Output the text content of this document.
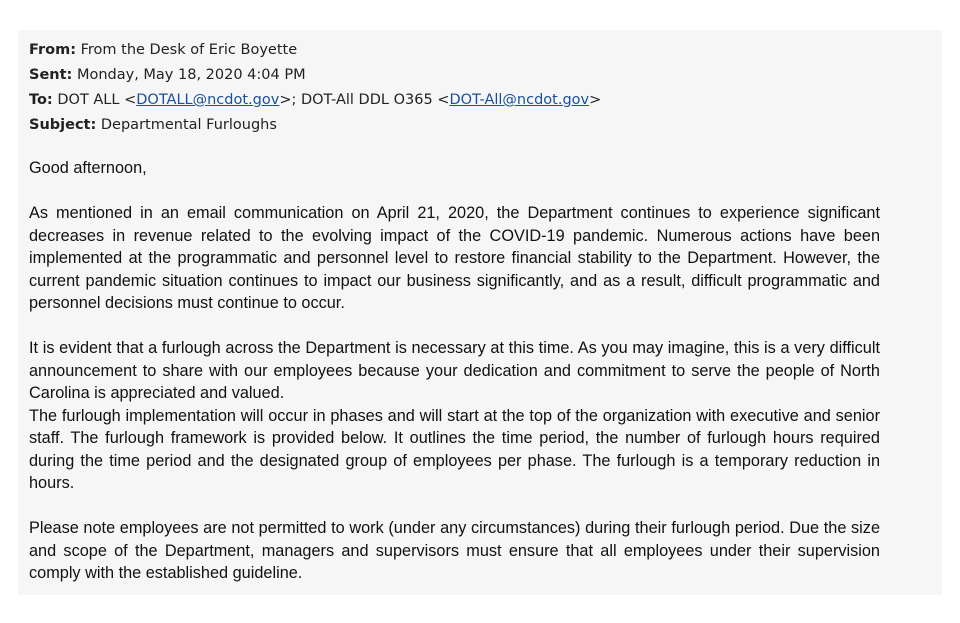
From: From the Desk of Eric Boyette
Sent: Monday, May 18, 2020 4:04 PM
To: DOT ALL <DOTALL@ncdot.gov>; DOT-All DDL O365 <DOT-All@ncdot.gov>
Subject: Departmental Furloughs

Good afternoon,

As mentioned in an email communication on April 21, 2020, the Department continues to experience significant decreases in revenue related to the evolving impact of the COVID-19 pandemic. Numerous actions have been implemented at the programmatic and personnel level to restore financial stability to the Department. However, the current pandemic situation continues to impact our business significantly, and as a result, difficult programmatic and personnel decisions must continue to occur.

It is evident that a furlough across the Department is necessary at this time. As you may imagine, this is a very difficult announcement to share with our employees because your dedication and commitment to serve the people of North Carolina is appreciated and valued.

The furlough implementation will occur in phases and will start at the top of the organization with executive and senior staff. The furlough framework is provided below. It outlines the time period, the number of furlough hours required during the time period and the designated group of employees per phase. The furlough is a temporary reduction in hours.

Please note employees are not permitted to work (under any circumstances) during their furlough period. Due the size and scope of the Department, managers and supervisors must ensure that all employees under their supervision comply with the established guideline.
